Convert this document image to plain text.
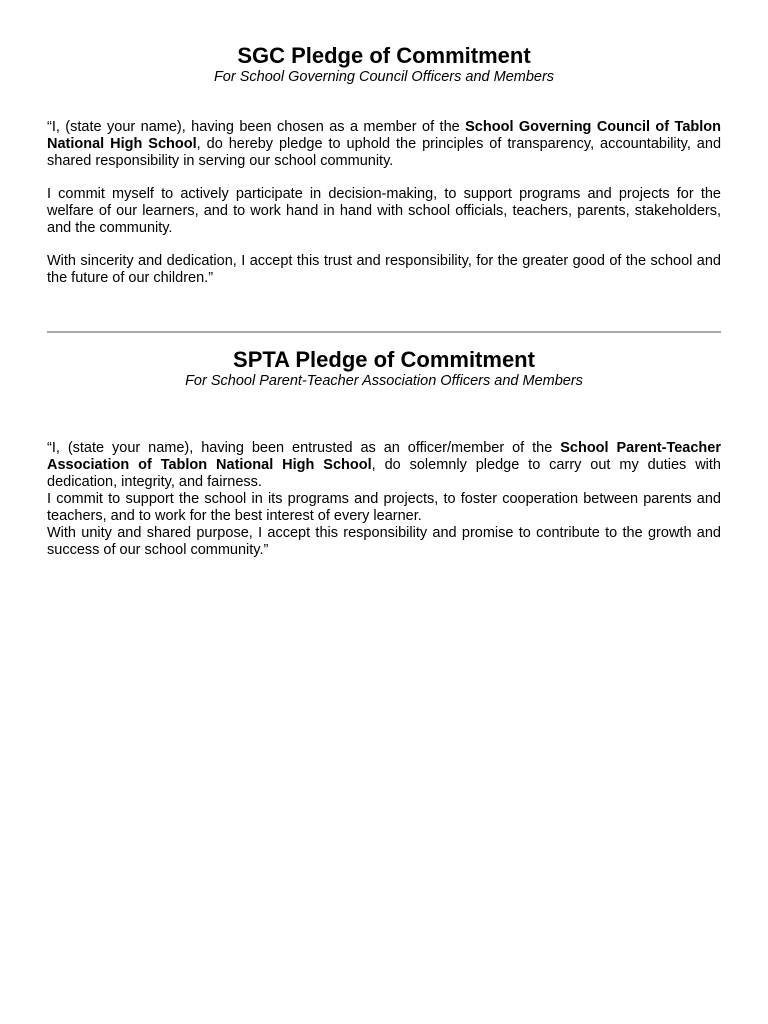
SGC Pledge of Commitment

For School Governing Council Officers and Members

“I, (state your name), having been chosen as a member of the School Governing Council of Tablon National High School, do hereby pledge to uphold the principles of transparency, accountability, and shared responsibility in serving our school community.

I commit myself to actively participate in decision-making, to support programs and projects for the welfare of our learners, and to work hand in hand with school officials, teachers, parents, stakeholders, and the community.

With sincerity and dedication, I accept this trust and responsibility, for the greater good of the school and the future of our children.”

SPTA Pledge of Commitment

For School Parent-Teacher Association Officers and Members

“I, (state your name), having been entrusted as an officer/member of the School Parent-Teacher Association of Tablon National High School, do solemnly pledge to carry out my duties with dedication, integrity, and fairness.

I commit to support the school in its programs and projects, to foster cooperation between parents and teachers, and to work for the best interest of every learner.

With unity and shared purpose, I accept this responsibility and promise to contribute to the growth and success of our school community.”
